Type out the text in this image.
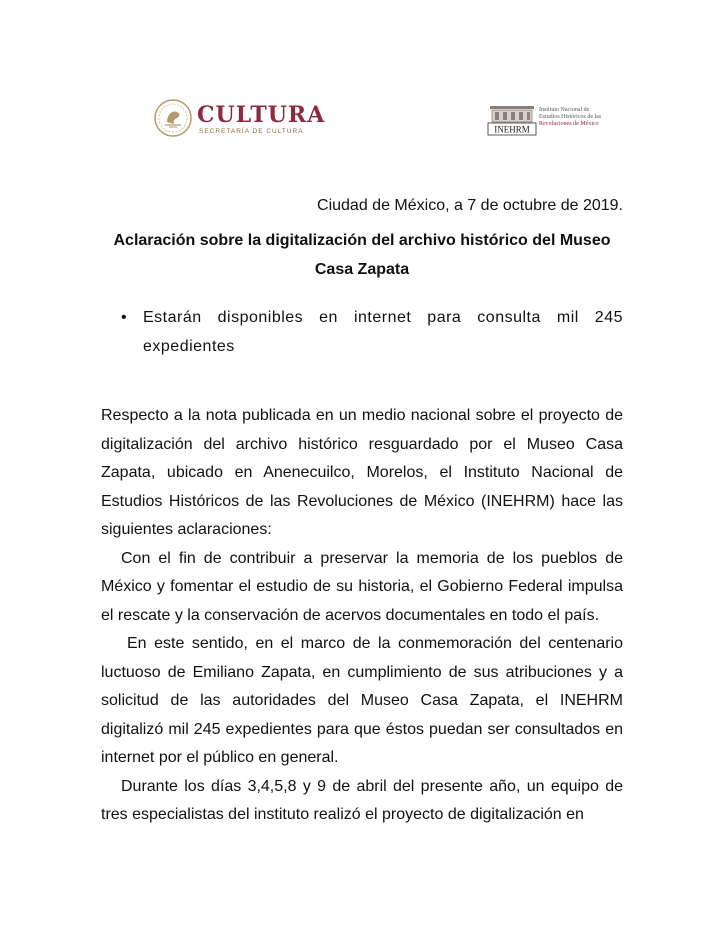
CULTURA
SECRETARÍA DE CULTURA	INEHRM
Instituto Nacional de
Estudios Históricos de las
Revoluciones de México

Ciudad de México, a 7 de octubre de 2019.

Aclaración sobre la digitalización del archivo histórico del Museo Casa Zapata

• Estarán disponibles en internet para consulta mil 245 expedientes

Respecto a la nota publicada en un medio nacional sobre el proyecto de digitalización del archivo histórico resguardado por el Museo Casa Zapata, ubicado en Anenecuilco, Morelos, el Instituto Nacional de Estudios Históricos de las Revoluciones de México (INEHRM) hace las siguientes aclaraciones:

Con el fin de contribuir a preservar la memoria de los pueblos de México y fomentar el estudio de su historia, el Gobierno Federal impulsa el rescate y la conservación de acervos documentales en todo el país.

En este sentido, en el marco de la conmemoración del centenario luctuoso de Emiliano Zapata, en cumplimiento de sus atribuciones y a solicitud de las autoridades del Museo Casa Zapata, el INEHRM digitalizó mil 245 expedientes para que éstos puedan ser consultados en internet por el público en general.

Durante los días 3,4,5,8 y 9 de abril del presente año, un equipo de tres especialistas del instituto realizó el proyecto de digitalización en
